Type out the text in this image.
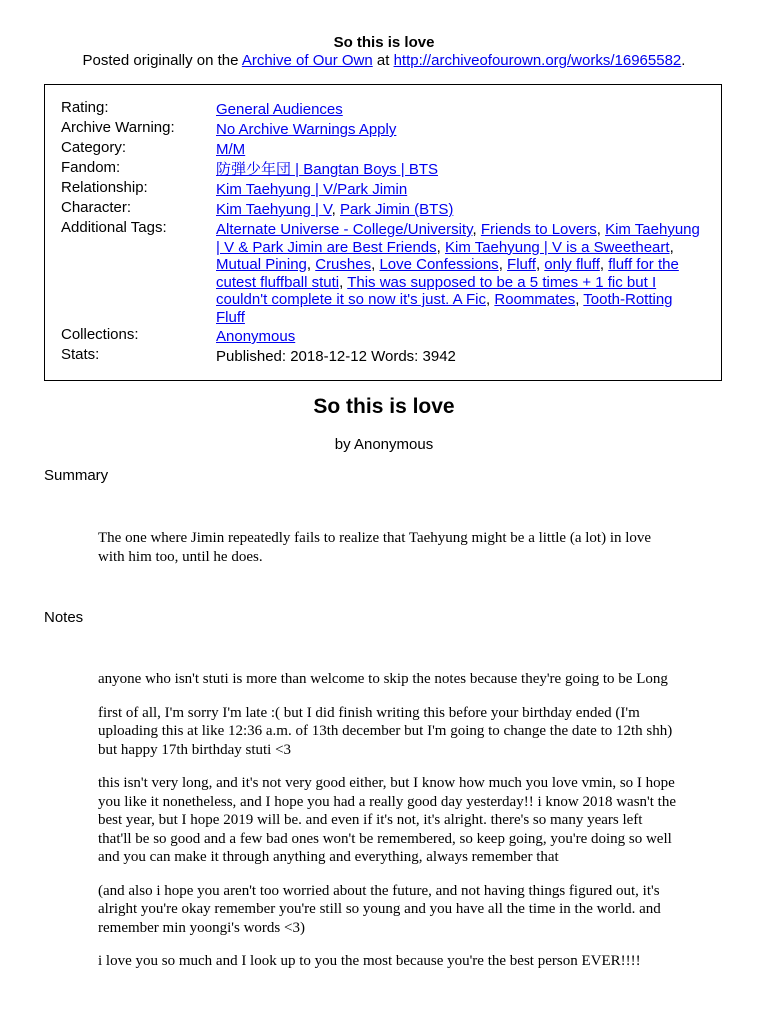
So this is love
Posted originally on the Archive of Our Own at http://archiveofourown.org/works/16965582.
Rating:	General Audiences
Archive Warning:	No Archive Warnings Apply
Category:	M/M
Fandom:	防弾少年団 | Bangtan Boys | BTS
Relationship:	Kim Taehyung | V/Park Jimin
Character:	Kim Taehyung | V, Park Jimin (BTS)
Additional Tags:	Alternate Universe - College/University, Friends to Lovers, Kim Taehyung | V & Park Jimin are Best Friends, Kim Taehyung | V is a Sweetheart, Mutual Pining, Crushes, Love Confessions, Fluff, only fluff, fluff for the cutest fluffball stuti, This was supposed to be a 5 times + 1 fic but I couldn't complete it so now it's just. A Fic, Roommates, Tooth-Rotting Fluff
Collections:	Anonymous
Stats:	Published: 2018-12-12 Words: 3942
So this is love
by Anonymous
Summary

The one where Jimin repeatedly fails to realize that Taehyung might be a little (a lot) in love with him too, until he does.

Notes

anyone who isn't stuti is more than welcome to skip the notes because they're going to be Long

first of all, I'm sorry I'm late :( but I did finish writing this before your birthday ended (I'm uploading this at like 12:36 a.m. of 13th december but I'm going to change the date to 12th shh) but happy 17th birthday stuti <3

this isn't very long, and it's not very good either, but I know how much you love vmin, so I hope you like it nonetheless, and I hope you had a really good day yesterday!! i know 2018 wasn't the best year, but I hope 2019 will be. and even if it's not, it's alright. there's so many years left that'll be so good and a few bad ones won't be remembered, so keep going, you're doing so well and you can make it through anything and everything, always remember that

(and also i hope you aren't too worried about the future, and not having things figured out, it's alright you're okay remember you're still so young and you have all the time in the world. and remember min yoongi's words <3)

i love you so much and I look up to you the most because you're the best person EVER!!!!
